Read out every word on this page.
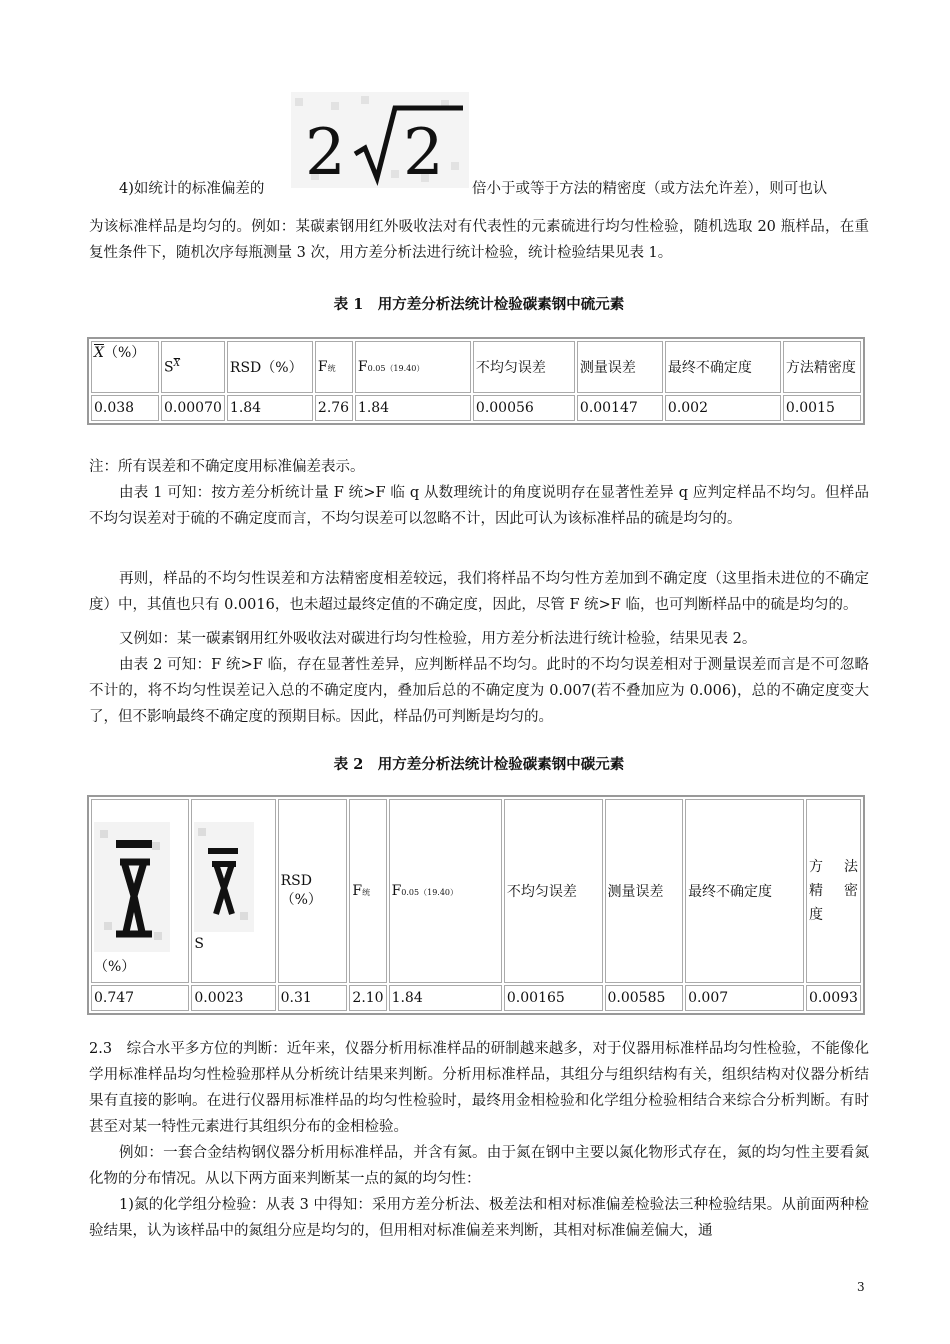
2 2
4)如统计的标准偏差的	倍小于或等于方法的精密度（或方法允许差），则可也认

为该标准样品是均匀的。例如：某碳素钢用红外吸收法对有代表性的元素硫进行均匀性检验，随机选取 20 瓶样品，在重复性条件下，随机次序每瓶测量 3 次，用方差分析法进行统计检验，统计检验结果见表 1。

表 1　用方差分析法统计检验碳素钢中硫元素

$\overline{X}(\%)$	$S^{\overline{X}}$	RSD（%）	F统	F0.05（19.40）	不均匀误差	测量误差	最终不确定度	方法精密度
0.038	0.00070	1.84	2.76	1.84	0.00056	0.00147	0.002	0.0015

注：所有误差和不确定度用标准偏差表示。

由表 1 可知：按方差分析统计量 F 统>F 临 q 从数理统计的角度说明存在显著性差异 q 应判定样品不均匀。但样品不均匀误差对于硫的不确定度而言，不均匀误差可以忽略不计，因此可认为该标准样品的硫是均匀的。

再则，样品的不均匀性误差和方法精密度相差较远，我们将样品不均匀性方差加到不确定度（这里指未进位的不确定度）中，其值也只有 0.0016，也未超过最终定值的不确定度，因此，尽管 F 统>F 临，也可判断样品中的硫是均匀的。

又例如：某一碳素钢用红外吸收法对碳进行均匀性检验，用方差分析法进行统计检验，结果见表 2。

由表 2 可知：F 统>F 临，存在显著性差异，应判断样品不均匀。此时的不均匀误差相对于测量误差而言是不可忽略不计的，将不均匀性误差记入总的不确定度内，叠加后总的不确定度为 0.007(若不叠加应为 0.006)，总的不确定度变大了，但不影响最终不确定度的预期目标。因此，样品仍可判断是均匀的。

表 2　用方差分析法统计检验碳素钢中碳元素

（%）	S	RSD（%）	F统	F0.05（19.40）	不均匀误差	测量误差	最终不确定度	方　法精　密度
0.747	0.0023	0.31	2.10	1.84	0.00165	0.00585	0.007	0.0093

2.3　综合水平多方位的判断：近年来，仪器分析用标准样品的研制越来越多，对于仪器用标准样品均匀性检验，不能像化学用标准样品均匀性检验那样从分析统计结果来判断。分析用标准样品，其组分与组织结构有关，组织结构对仪器分析结果有直接的影响。在进行仪器用标准样品的均匀性检验时，最终用金相检验和化学组分检验相结合来综合分析判断。有时甚至对某一特性元素进行其组织分布的金相检验。

例如：一套合金结构钢仪器分析用标准样品，并含有氮。由于氮在钢中主要以氮化物形式存在，氮的均匀性主要看氮化物的分布情况。从以下两方面来判断某一点的氮的均匀性：

1)氮的化学组分检验：从表 3 中得知：采用方差分析法、极差法和相对标准偏差检验法三种检验结果。从前面两种检验结果，认为该样品中的氮组分应是均匀的，但用相对标准偏差来判断，其相对标准偏差偏大，通

3
